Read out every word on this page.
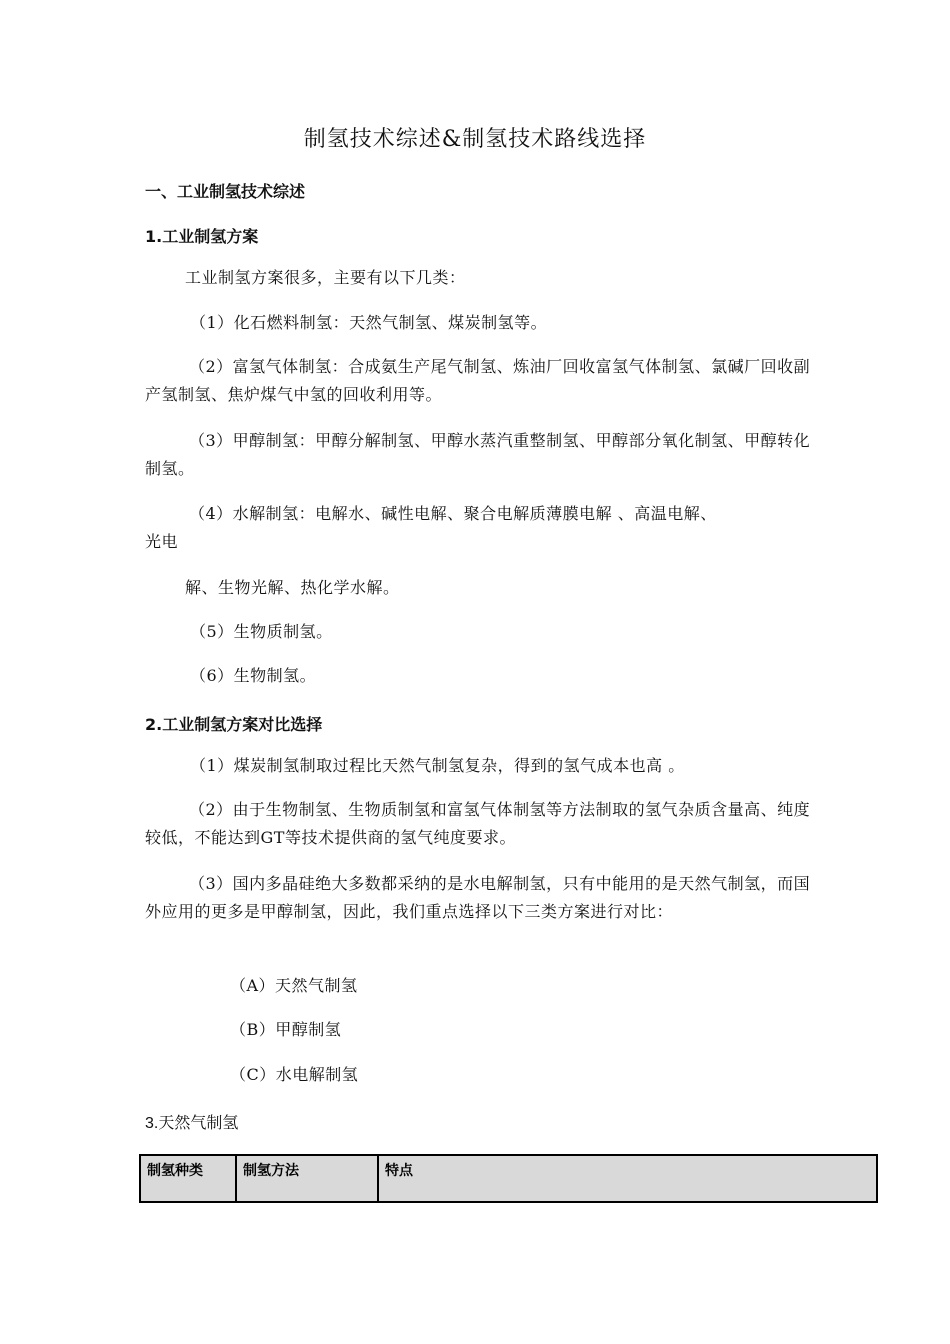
制氢技术综述&制氢技术路线选择
一、工业制氢技术综述
1.工业制氢方案
工业制氢方案很多，主要有以下几类：
（1）化石燃料制氢：天然气制氢、煤炭制氢等。
（2）富氢气体制氢：合成氨生产尾气制氢、炼油厂回收富氢气体制氢、氯碱厂回收副产氢制氢、焦炉煤气中氢的回收利用等。
（3）甲醇制氢：甲醇分解制氢、甲醇水蒸汽重整制氢、甲醇部分氧化制氢、甲醇转化制氢。
（4）水解制氢：电解水、碱性电解、聚合电解质薄膜电解 、高温电解、
光电
解、生物光解、热化学水解。
（5）生物质制氢。
（6）生物制氢。
2.工业制氢方案对比选择
（1）煤炭制氢制取过程比天然气制氢复杂，得到的氢气成本也高 。
（2）由于生物制氢、生物质制氢和富氢气体制氢等方法制取的氢气杂质含量高、纯度较低，不能达到GT等技术提供商的氢气纯度要求。
（3）国内多晶硅绝大多数都采纳的是水电解制氢，只有中能用的是天然气制氢，而国外应用的更多是甲醇制氢，因此，我们重点选择以下三类方案进行对比：
（A）天然气制氢
（B）甲醇制氢
（C）水电解制氢
3.天然气制氢
制氢种类	制氢方法	特点
